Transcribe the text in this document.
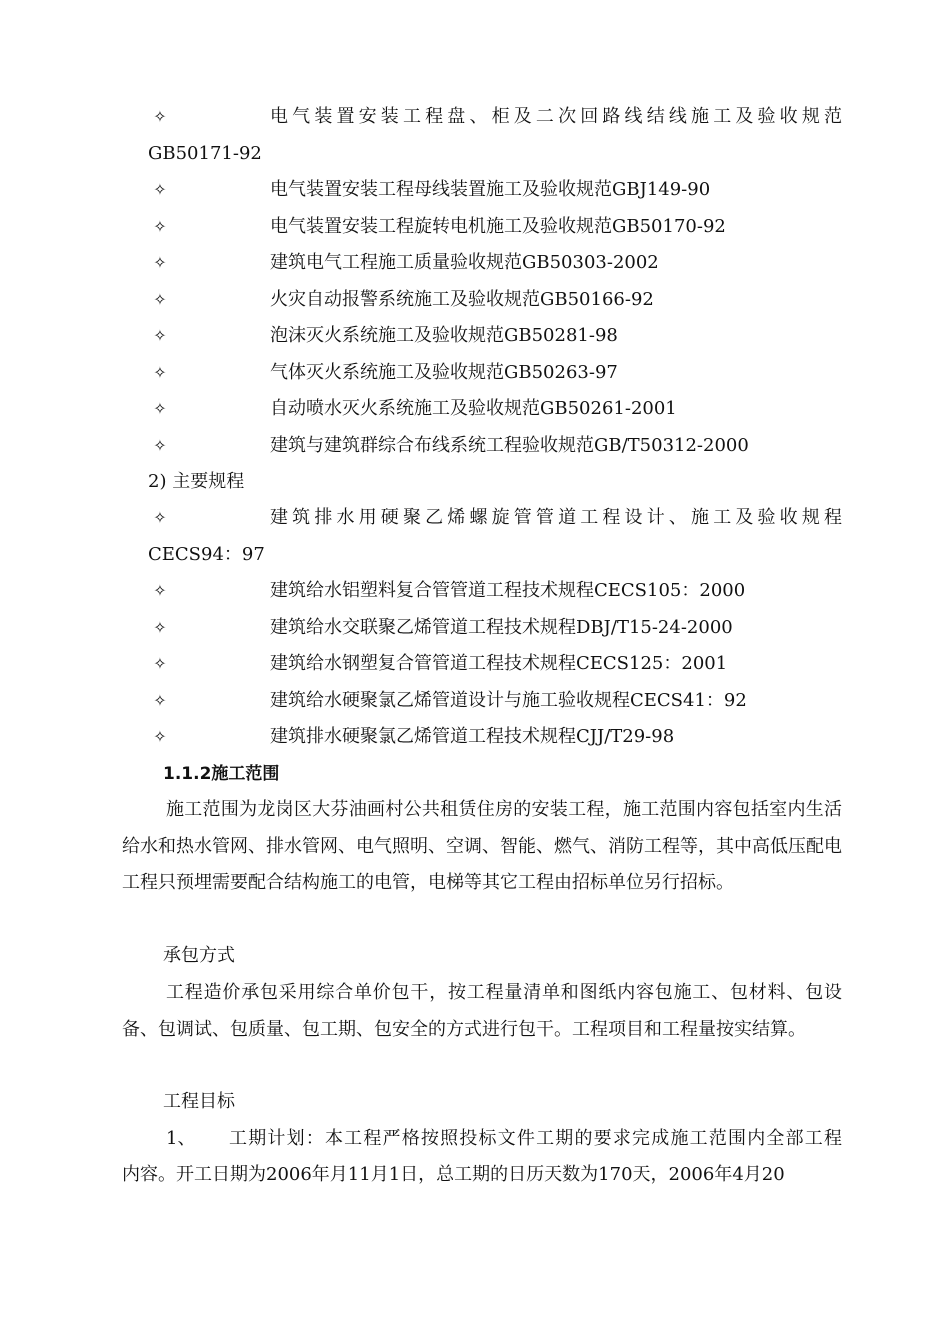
✧	电气装置安装工程盘、柜及二次回路线结线施工及验收规范
GB50171-92
✧	电气装置安装工程母线装置施工及验收规范GBJ149-90
✧	电气装置安装工程旋转电机施工及验收规范GB50170-92
✧	建筑电气工程施工质量验收规范GB50303-2002
✧	火灾自动报警系统施工及验收规范GB50166-92
✧	泡沫灭火系统施工及验收规范GB50281-98
✧	气体灭火系统施工及验收规范GB50263-97
✧	自动喷水灭火系统施工及验收规范GB50261-2001
✧	建筑与建筑群综合布线系统工程验收规范GB/T50312-2000
2) 主要规程
✧	建筑排水用硬聚乙烯螺旋管管道工程设计、施工及验收规程
CECS94：97
✧	建筑给水铝塑料复合管管道工程技术规程CECS105：2000
✧	建筑给水交联聚乙烯管道工程技术规程DBJ/T15-24-2000
✧	建筑给水钢塑复合管管道工程技术规程CECS125：2001
✧	建筑给水硬聚氯乙烯管道设计与施工验收规程CECS41：92
✧	建筑排水硬聚氯乙烯管道工程技术规程CJJ/T29-98
1.1.2施工范围
施工范围为龙岗区大芬油画村公共租赁住房的安装工程，施工范围内容包括室内生活给水和热水管网、排水管网、电气照明、空调、智能、燃气、消防工程等，其中高低压配电工程只预埋需要配合结构施工的电管，电梯等其它工程由招标单位另行招标。
承包方式
工程造价承包采用综合单价包干，按工程量清单和图纸内容包施工、包材料、包设备、包调试、包质量、包工期、包安全的方式进行包干。工程项目和工程量按实结算。
工程目标
1、 工期计划：本工程严格按照投标文件工期的要求完成施工范围内全部工程
内容。开工日期为2006年月11月1日，总工期的日历天数为170天，2006年4月20
